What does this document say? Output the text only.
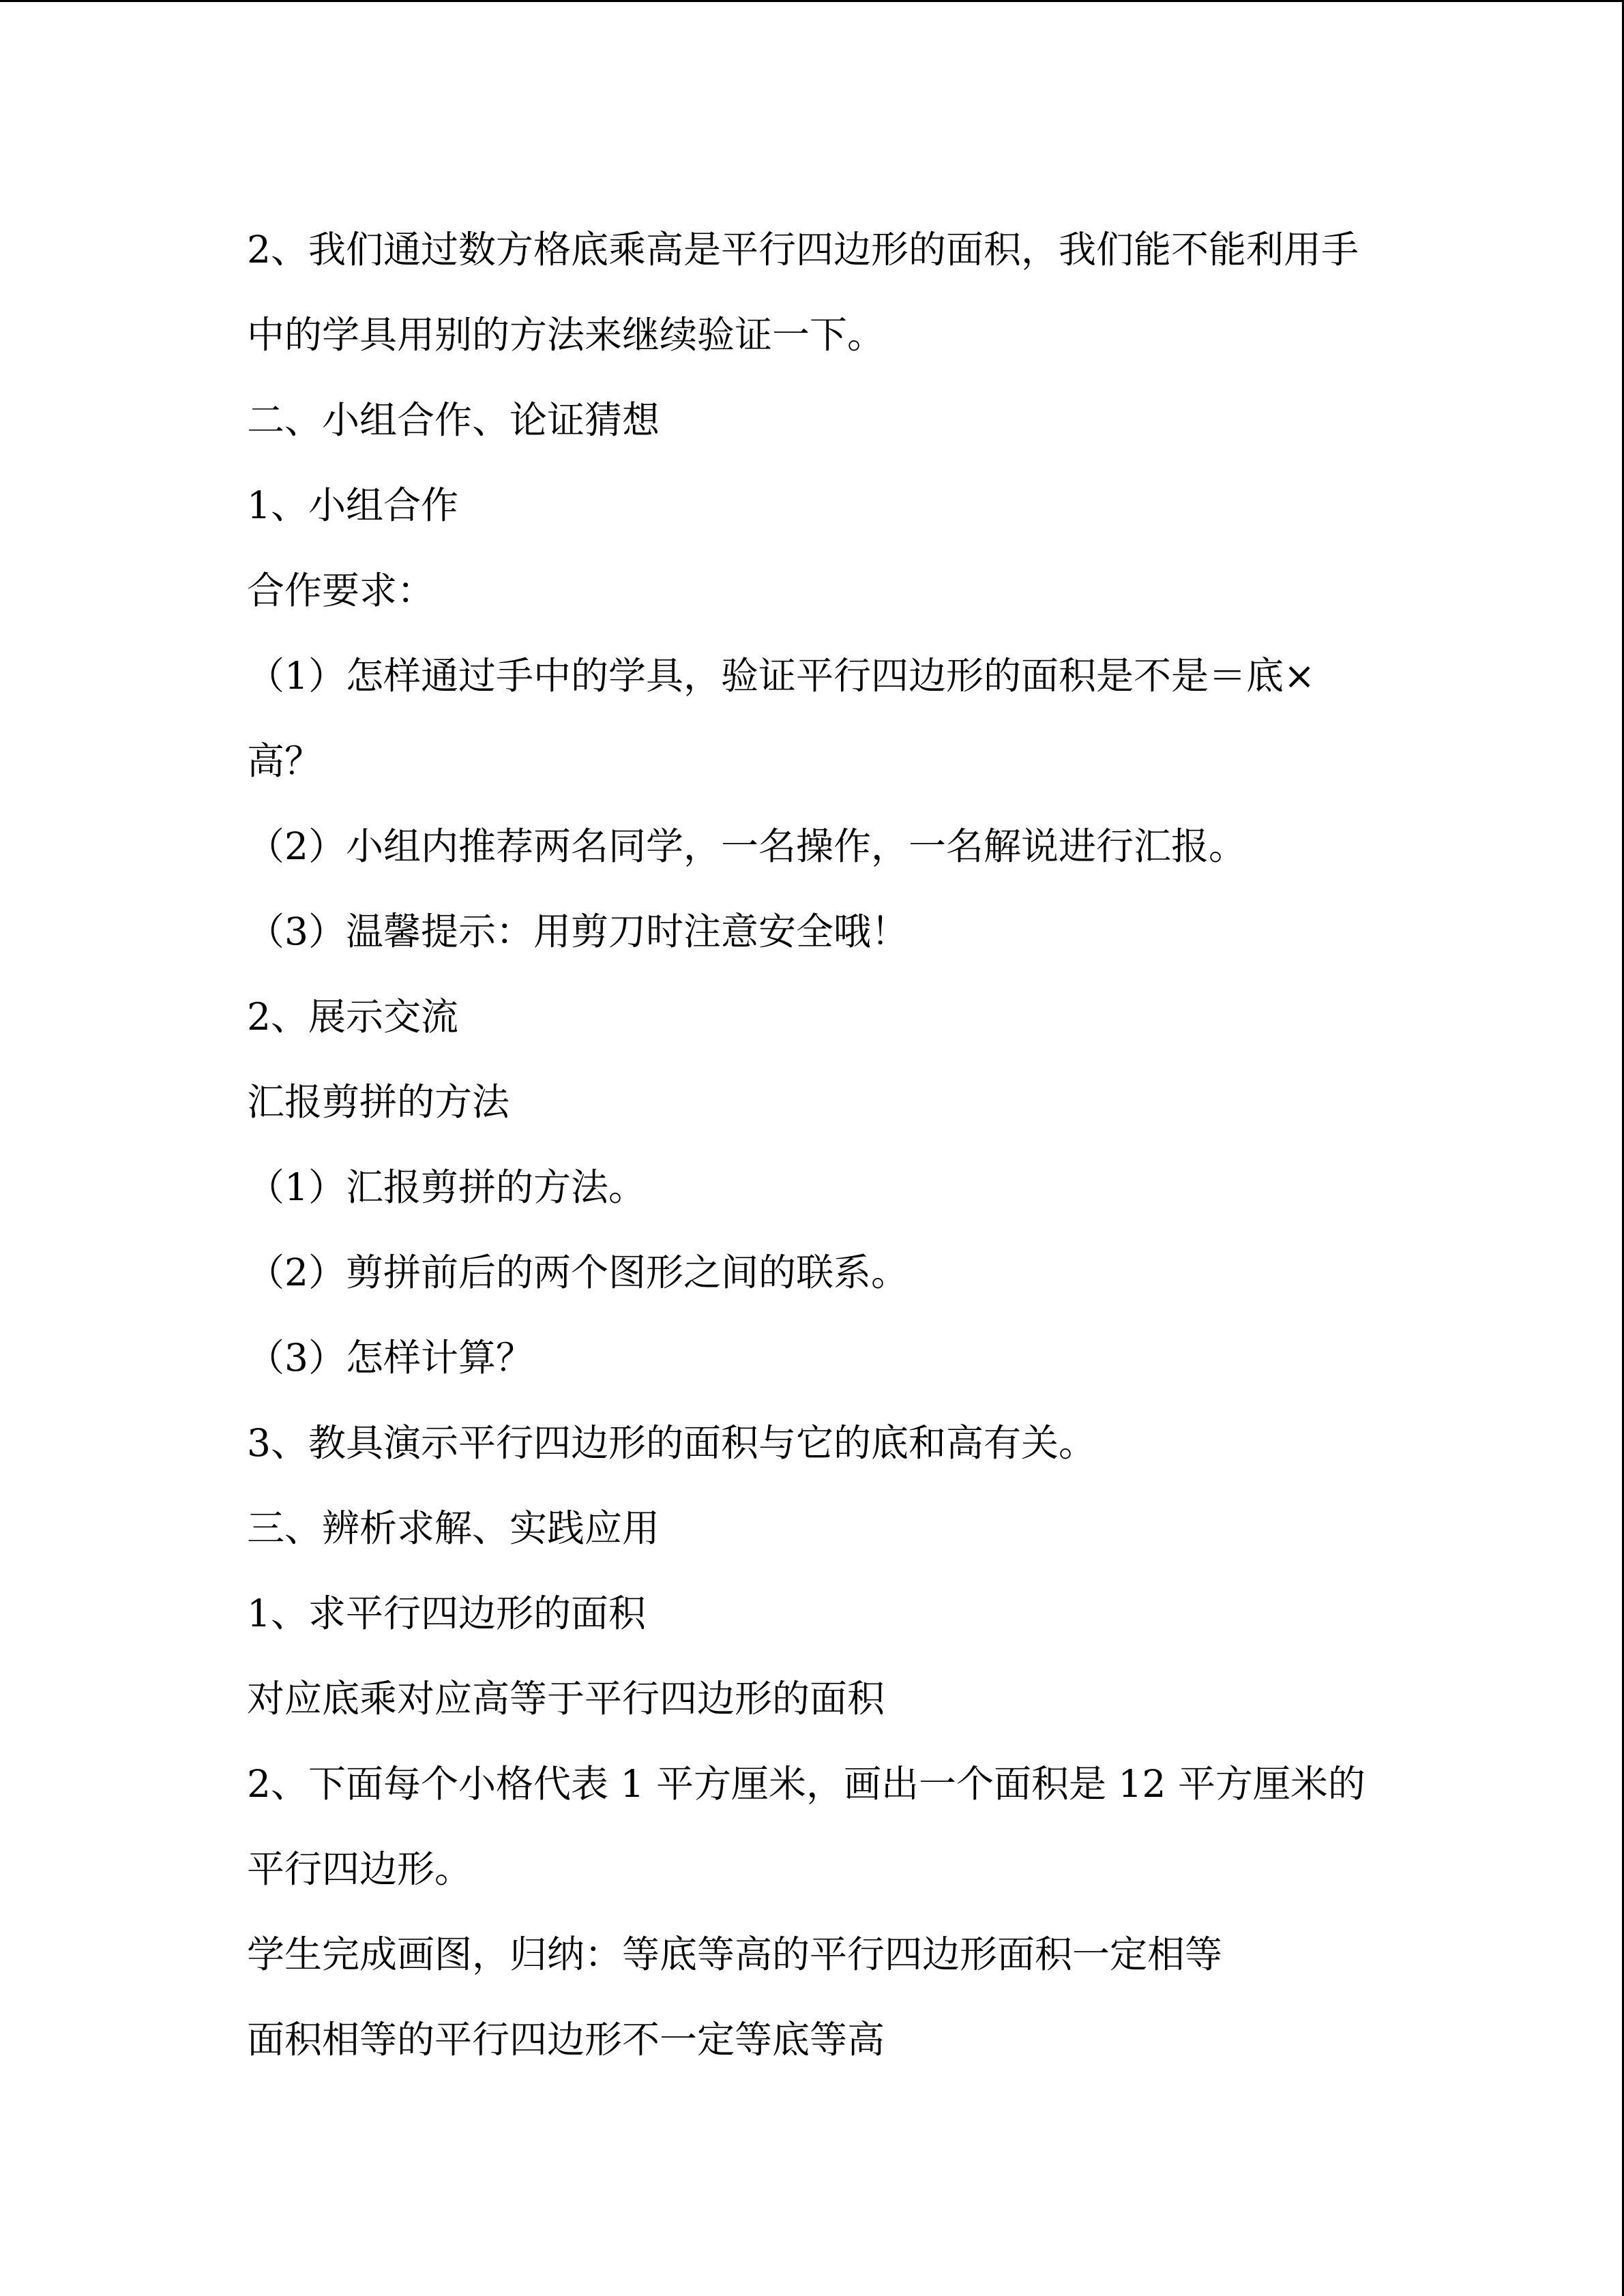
2、我们通过数方格底乘高是平行四边形的面积，我们能不能利用手
中的学具用别的方法来继续验证一下。
二、小组合作、论证猜想
1、小组合作
合作要求：
（1）怎样通过手中的学具，验证平行四边形的面积是不是＝底×
高？
（2）小组内推荐两名同学，一名操作，一名解说进行汇报。
（3）温馨提示：用剪刀时注意安全哦！
2、展示交流
汇报剪拼的方法
（1）汇报剪拼的方法。
（2）剪拼前后的两个图形之间的联系。
（3）怎样计算？
3、教具演示平行四边形的面积与它的底和高有关。
三、辨析求解、实践应用
1、求平行四边形的面积
对应底乘对应高等于平行四边形的面积
2、下面每个小格代表 1 平方厘米，画出一个面积是 12 平方厘米的
平行四边形。
学生完成画图，归纳：等底等高的平行四边形面积一定相等
面积相等的平行四边形不一定等底等高
